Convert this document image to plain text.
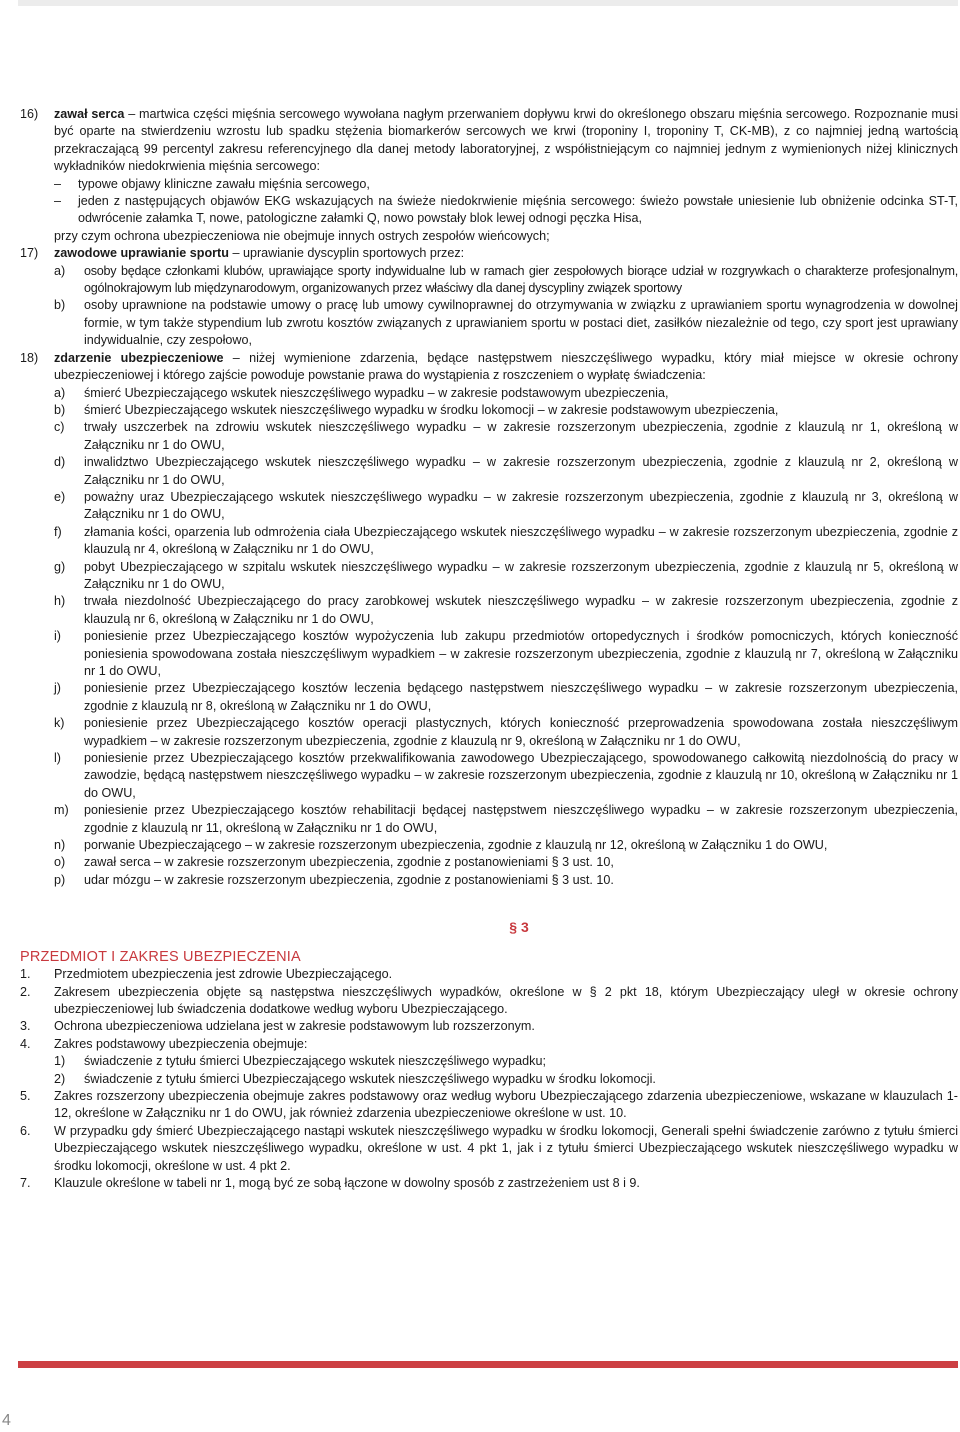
16) zawał serca – martwica części mięśnia sercowego wywołana nagłym przerwaniem dopływu krwi do określonego obszaru mięśnia sercowego. Rozpoznanie musi być oparte na stwierdzeniu wzrostu lub spadku stężenia biomarkerów sercowych we krwi (troponiny I, troponiny T, CK-MB), z co najmniej jedną wartością przekraczającą 99 percentyl zakresu referencyjnego dla danej metody laboratoryjnej, z współistniejącym co najmniej jednym z wymienionych niżej klinicznych wykładników niedokrwienia mięśnia sercowego:
– typowe objawy kliniczne zawału mięśnia sercowego,
– jeden z następujących objawów EKG wskazujących na świeże niedokrwienie mięśnia sercowego: świeżo powstałe uniesienie lub obniżenie odcinka ST-T, odwrócenie załamka T, nowe, patologiczne załamki Q, nowo powstały blok lewej odnogi pęczka Hisa,
przy czym ochrona ubezpieczeniowa nie obejmuje innych ostrych zespołów wieńcowych;
17) zawodowe uprawianie sportu – uprawianie dyscyplin sportowych przez:
a) osoby będące członkami klubów, uprawiające sporty indywidualne lub w ramach gier zespołowych biorące udział w rozgrywkach o charakterze profesjonalnym, ogólnokrajowym lub międzynarodowym, organizowanych przez właściwy dla danej dyscypliny związek sportowy
b) osoby uprawnione na podstawie umowy o pracę lub umowy cywilnoprawnej do otrzymywania w związku z uprawianiem sportu wynagrodzenia w dowolnej formie, w tym także stypendium lub zwrotu kosztów związanych z uprawianiem sportu w postaci diet, zasiłków niezależnie od tego, czy sport jest uprawiany indywidualnie, czy zespołowo,
18) zdarzenie ubezpieczeniowe – niżej wymienione zdarzenia, będące następstwem nieszczęśliwego wypadku, który miał miejsce w okresie ochrony ubezpieczeniowej i którego zajście powoduje powstanie prawa do wystąpienia z roszczeniem o wypłatę świadczenia:
a) śmierć Ubezpieczającego wskutek nieszczęśliwego wypadku – w zakresie podstawowym ubezpieczenia,
b) śmierć Ubezpieczającego wskutek nieszczęśliwego wypadku w środku lokomocji – w zakresie podstawowym ubezpieczenia,
c) trwały uszczerbek na zdrowiu wskutek nieszczęśliwego wypadku – w zakresie rozszerzonym ubezpieczenia, zgodnie z klauzulą nr 1, określoną w Załączniku nr 1 do OWU,
d) inwalidztwo Ubezpieczającego wskutek nieszczęśliwego wypadku – w zakresie rozszerzonym ubezpieczenia, zgodnie z klauzulą nr 2, określoną w Załączniku nr 1 do OWU,
e) poważny uraz Ubezpieczającego wskutek nieszczęśliwego wypadku – w zakresie rozszerzonym ubezpieczenia, zgodnie z klauzulą nr 3, określoną w Załączniku nr 1 do OWU,
f) złamania kości, oparzenia lub odmrożenia ciała Ubezpieczającego wskutek nieszczęśliwego wypadku – w zakresie rozszerzonym ubezpieczenia, zgodnie z klauzulą nr 4, określoną w Załączniku nr 1 do OWU,
g) pobyt Ubezpieczającego w szpitalu wskutek nieszczęśliwego wypadku – w zakresie rozszerzonym ubezpieczenia, zgodnie z klauzulą nr 5, określoną w Załączniku nr 1 do OWU,
h) trwała niezdolność Ubezpieczającego do pracy zarobkowej wskutek nieszczęśliwego wypadku – w zakresie rozszerzonym ubezpieczenia, zgodnie z klauzulą nr 6, określoną w Załączniku nr 1 do OWU,
i) poniesienie przez Ubezpieczającego kosztów wypożyczenia lub zakupu przedmiotów ortopedycznych i środków pomocniczych, których konieczność poniesienia spowodowana została nieszczęśliwym wypadkiem – w zakresie rozszerzonym ubezpieczenia, zgodnie z klauzulą nr 7, określoną w Załączniku nr 1 do OWU,
j) poniesienie przez Ubezpieczającego kosztów leczenia będącego następstwem nieszczęśliwego wypadku – w zakresie rozszerzonym ubezpieczenia, zgodnie z klauzulą nr 8, określoną w Załączniku nr 1 do OWU,
k) poniesienie przez Ubezpieczającego kosztów operacji plastycznych, których konieczność przeprowadzenia spowodowana została nieszczęśliwym wypadkiem – w zakresie rozszerzonym ubezpieczenia, zgodnie z klauzulą nr 9, określoną w Załączniku nr 1 do OWU,
l) poniesienie przez Ubezpieczającego kosztów przekwalifikowania zawodowego Ubezpieczającego, spowodowanego całkowitą niezdolnością do pracy w zawodzie, będącą następstwem nieszczęśliwego wypadku – w zakresie rozszerzonym ubezpieczenia, zgodnie z klauzulą nr 10, określoną w Załączniku nr 1 do OWU,
m) poniesienie przez Ubezpieczającego kosztów rehabilitacji będącej następstwem nieszczęśliwego wypadku – w zakresie rozszerzonym ubezpieczenia, zgodnie z klauzulą nr 11, określoną w Załączniku nr 1 do OWU,
n) porwanie Ubezpieczającego – w zakresie rozszerzonym ubezpieczenia, zgodnie z klauzulą nr 12, określoną w Załączniku 1 do OWU,
o) zawał serca – w zakresie rozszerzonym ubezpieczenia, zgodnie z postanowieniami § 3 ust. 10,
p) udar mózgu – w zakresie rozszerzonym ubezpieczenia, zgodnie z postanowieniami § 3 ust. 10.
§ 3
PRZEDMIOT I ZAKRES UBEZPIECZENIA
1. Przedmiotem ubezpieczenia jest zdrowie Ubezpieczającego.
2. Zakresem ubezpieczenia objęte są następstwa nieszczęśliwych wypadków, określone w § 2 pkt 18, którym Ubezpieczający uległ w okresie ochrony ubezpieczeniowej lub świadczenia dodatkowe według wyboru Ubezpieczającego.
3. Ochrona ubezpieczeniowa udzielana jest w zakresie podstawowym lub rozszerzonym.
4. Zakres podstawowy ubezpieczenia obejmuje:
1) świadczenie z tytułu śmierci Ubezpieczającego wskutek nieszczęśliwego wypadku;
2) świadczenie z tytułu śmierci Ubezpieczającego wskutek nieszczęśliwego wypadku w środku lokomocji.
5. Zakres rozszerzony ubezpieczenia obejmuje zakres podstawowy oraz według wyboru Ubezpieczającego zdarzenia ubezpieczeniowe, wskazane w klauzulach 1-12, określone w Załączniku nr 1 do OWU, jak również zdarzenia ubezpieczeniowe określone w ust. 10.
6. W przypadku gdy śmierć Ubezpieczającego nastąpi wskutek nieszczęśliwego wypadku w środku lokomocji, Generali spełni świadczenie zarówno z tytułu śmierci Ubezpieczającego wskutek nieszczęśliwego wypadku, określone w ust. 4 pkt 1, jak i z tytułu śmierci Ubezpieczającego wskutek nieszczęśliwego wypadku w środku lokomocji, określone w ust. 4 pkt 2.
7. Klauzule określone w tabeli nr 1, mogą być ze sobą łączone w dowolny sposób z zastrzeżeniem ust 8 i 9.
4
